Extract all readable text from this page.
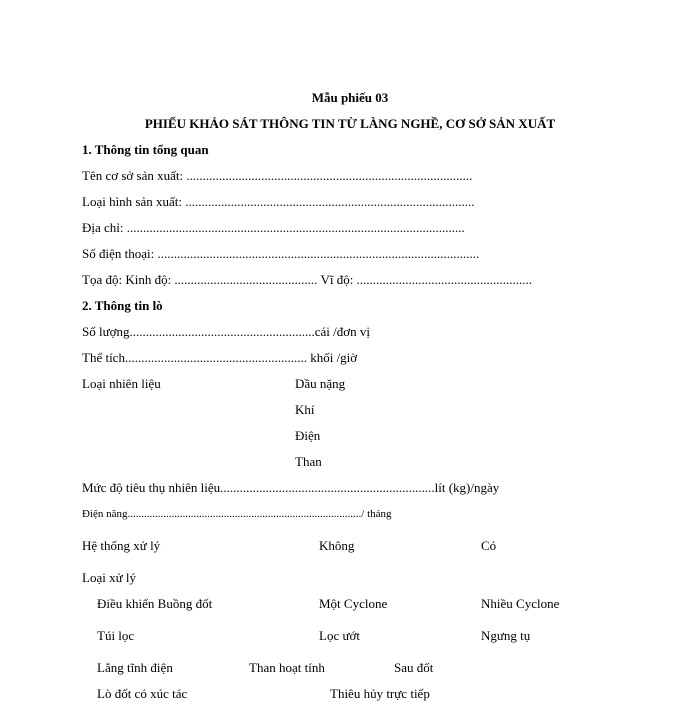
Mẫu phiếu 03
PHIẾU KHẢO SÁT THÔNG TIN TỪ LÀNG NGHỀ, CƠ SỞ SẢN XUẤT
1. Thông tin tổng quan
Tên cơ sở sản xuất: ........................................................................................
Loại hình sản xuất: .........................................................................................
Địa chỉ: ........................................................................................................
Số điện thoại: ...................................................................................................
Tọa độ: Kinh độ: ............................................ Vĩ độ: ......................................................
2. Thông tin lò
Số lượng.........................................................cái /đơn vị
Thể tích........................................................ khối /giờ
Loại nhiên liệu	Dầu nặng
Khí
Điện
Than
Mức độ tiêu thụ nhiên liệu..................................................................lít (kg)/ngày
Điện năng...................................................................................../ tháng
Hệ thống xử lý	Không	Có
Loại xử lý
Điều khiển Buồng đốt	Một Cyclone	Nhiều Cyclone
Túi lọc	Lọc ướt	Ngưng tụ
Lắng tĩnh điện	Than hoạt tính	Sau đốt
Lò đốt có xúc tác	Thiêu hủy trực tiếp
